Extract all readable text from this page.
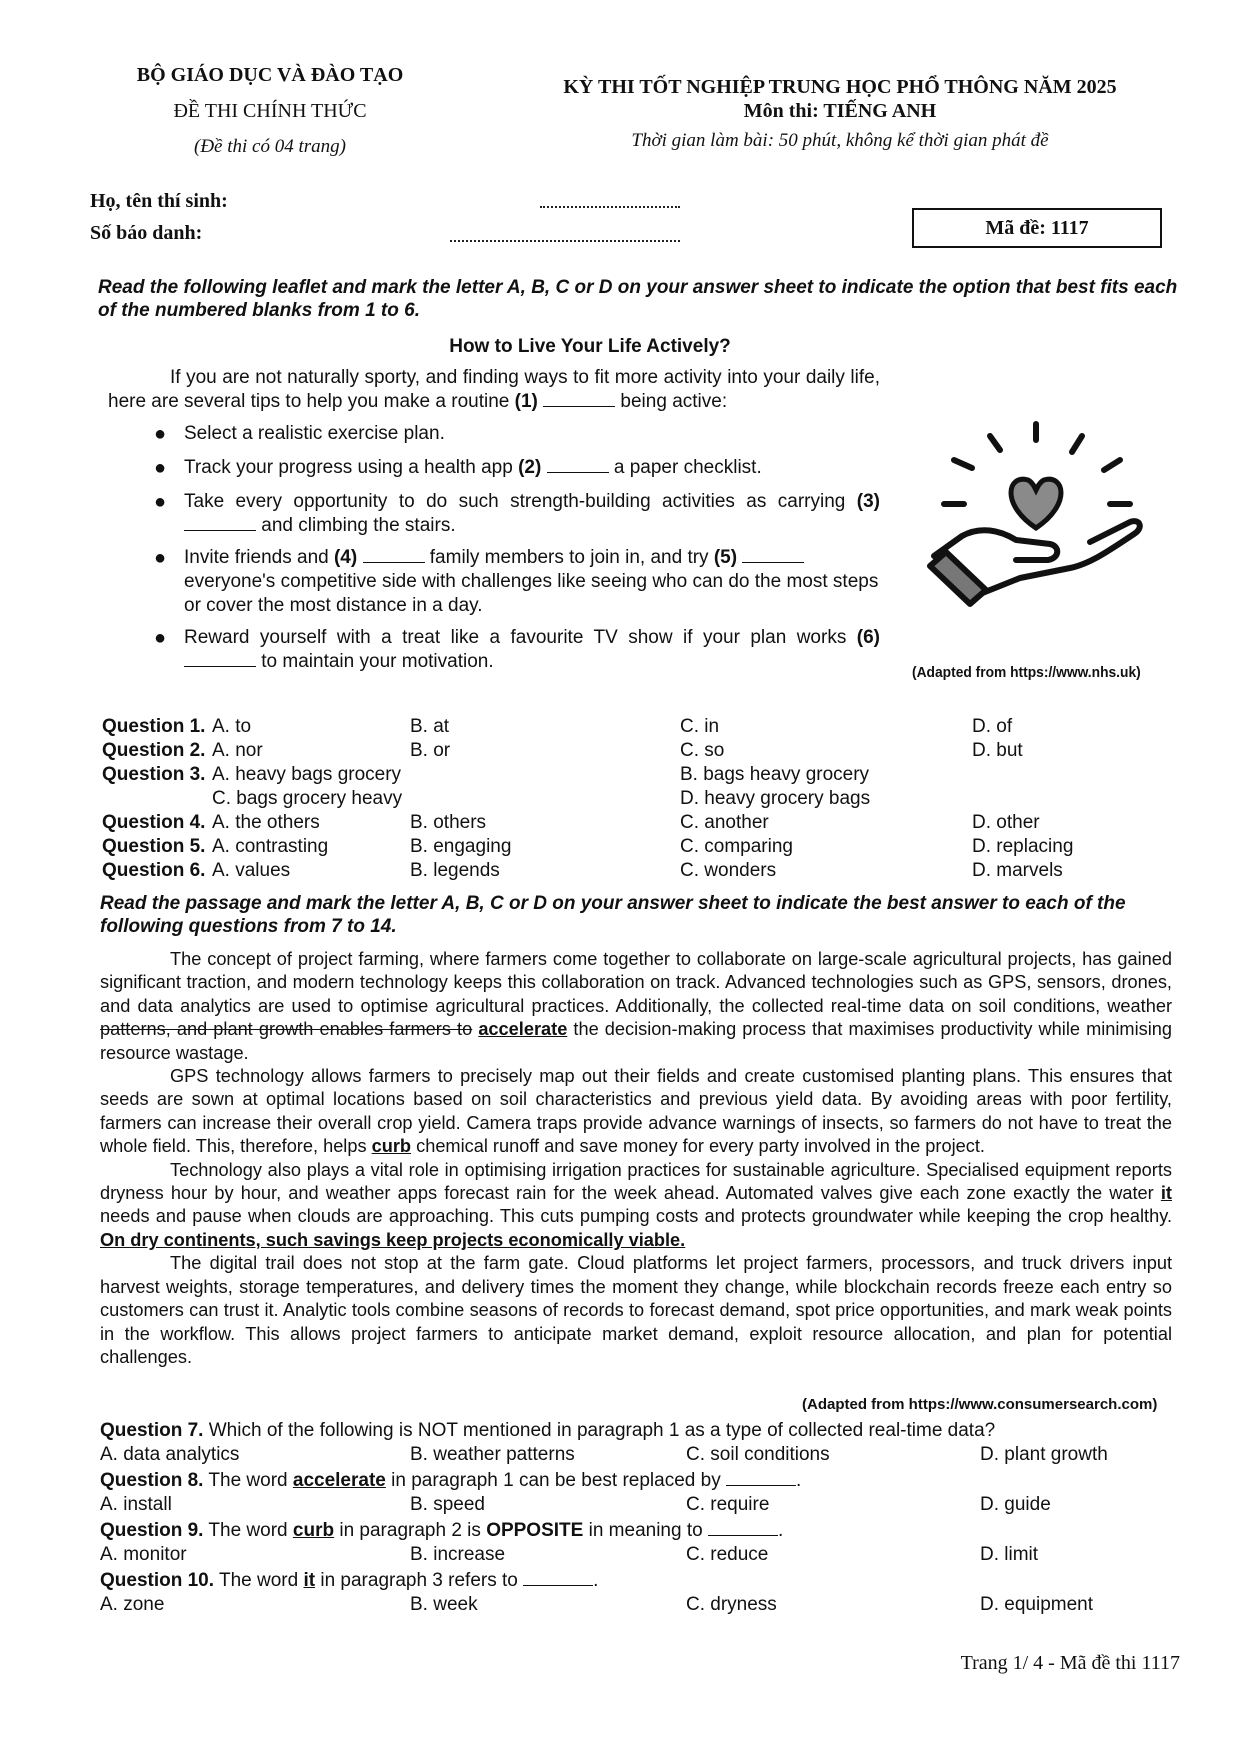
BỘ GIÁO DỤC VÀ ĐÀO TẠO
ĐỀ THI CHÍNH THỨC
(Đề thi có 04 trang)
KỲ THI TỐT NGHIỆP TRUNG HỌC PHỔ THÔNG NĂM 2025
Môn thi: TIẾNG ANH
Thời gian làm bài: 50 phút, không kể thời gian phát đề
Họ, tên thí sinh:
Số báo danh:	Mã đề: 1117
Read the following leaflet and mark the letter A, B, C or D on your answer sheet to indicate the option that best fits each of the numbered blanks from 1 to 6.
How to Live Your Life Actively?
If you are not naturally sporty, and finding ways to fit more activity into your daily life, here are several tips to help you make a routine (1)	being active:
● Select a realistic exercise plan.
● Track your progress using a health app (2)	a paper checklist.
● Take every opportunity to do such strength-building activities as carrying (3)  and climbing the stairs.
● Invite friends and (4)	family members to join in, and try (5)  everyone's competitive side with challenges like seeing who can do the most steps or cover the most distance in a day.
● Reward yourself with a treat like a favourite TV show if your plan works (6)  to maintain your motivation.
(Adapted from https://www.nhs.uk)
Question 1. A. to	B. at	C. in	D. of
Question 2. A. nor	B. or	C. so	D. but
Question 3. A. heavy bags grocery	B. bags heavy grocery
C. bags grocery heavy	D. heavy grocery bags
Question 4. A. the others	B. others	C. another	D. other
Question 5. A. contrasting	B. engaging	C. comparing	D. replacing
Question 6. A. values	B. legends	C. wonders	D. marvels
Read the passage and mark the letter A, B, C or D on your answer sheet to indicate the best answer to each of the following questions from 7 to 14.

The concept of project farming, where farmers come together to collaborate on large-scale agricultural projects, has gained significant traction, and modern technology keeps this collaboration on track. Advanced technologies such as GPS, sensors, drones, and data analytics are used to optimise agricultural practices. Additionally, the collected real-time data on soil conditions, weather patterns, and plant growth enables farmers to accelerate the decision-making process that maximises productivity while minimising resource wastage.

GPS technology allows farmers to precisely map out their fields and create customised planting plans. This ensures that seeds are sown at optimal locations based on soil characteristics and previous yield data. By avoiding areas with poor fertility, farmers can increase their overall crop yield. Camera traps provide advance warnings of insects, so farmers do not have to treat the whole field. This, therefore, helps curb chemical runoff and save money for every party involved in the project.

Technology also plays a vital role in optimising irrigation practices for sustainable agriculture. Specialised equipment reports dryness hour by hour, and weather apps forecast rain for the week ahead. Automated valves give each zone exactly the water it needs and pause when clouds are approaching. This cuts pumping costs and protects groundwater while keeping the crop healthy. On dry continents, such savings keep projects economically viable.

The digital trail does not stop at the farm gate. Cloud platforms let project farmers, processors, and truck drivers input harvest weights, storage temperatures, and delivery times the moment they change, while blockchain records freeze each entry so customers can trust it. Analytic tools combine seasons of records to forecast demand, spot price opportunities, and mark weak points in the workflow. This allows project farmers to anticipate market demand, exploit resource allocation, and plan for potential challenges.

(Adapted from https://www.consumersearch.com)
Question 7. Which of the following is NOT mentioned in paragraph 1 as a type of collected real-time data?
A. data analytics	B. weather patterns	C. soil conditions	D. plant growth
Question 8. The word accelerate in paragraph 1 can be best replaced by	.
A. install	B. speed	C. require	D. guide
Question 9. The word curb in paragraph 2 is OPPOSITE in meaning to	.
A. monitor	B. increase	C. reduce	D. limit
Question 10. The word it in paragraph 3 refers to	.
A. zone	B. week	C. dryness	D. equipment
Trang 1/ 4 - Mã đề thi 1117
